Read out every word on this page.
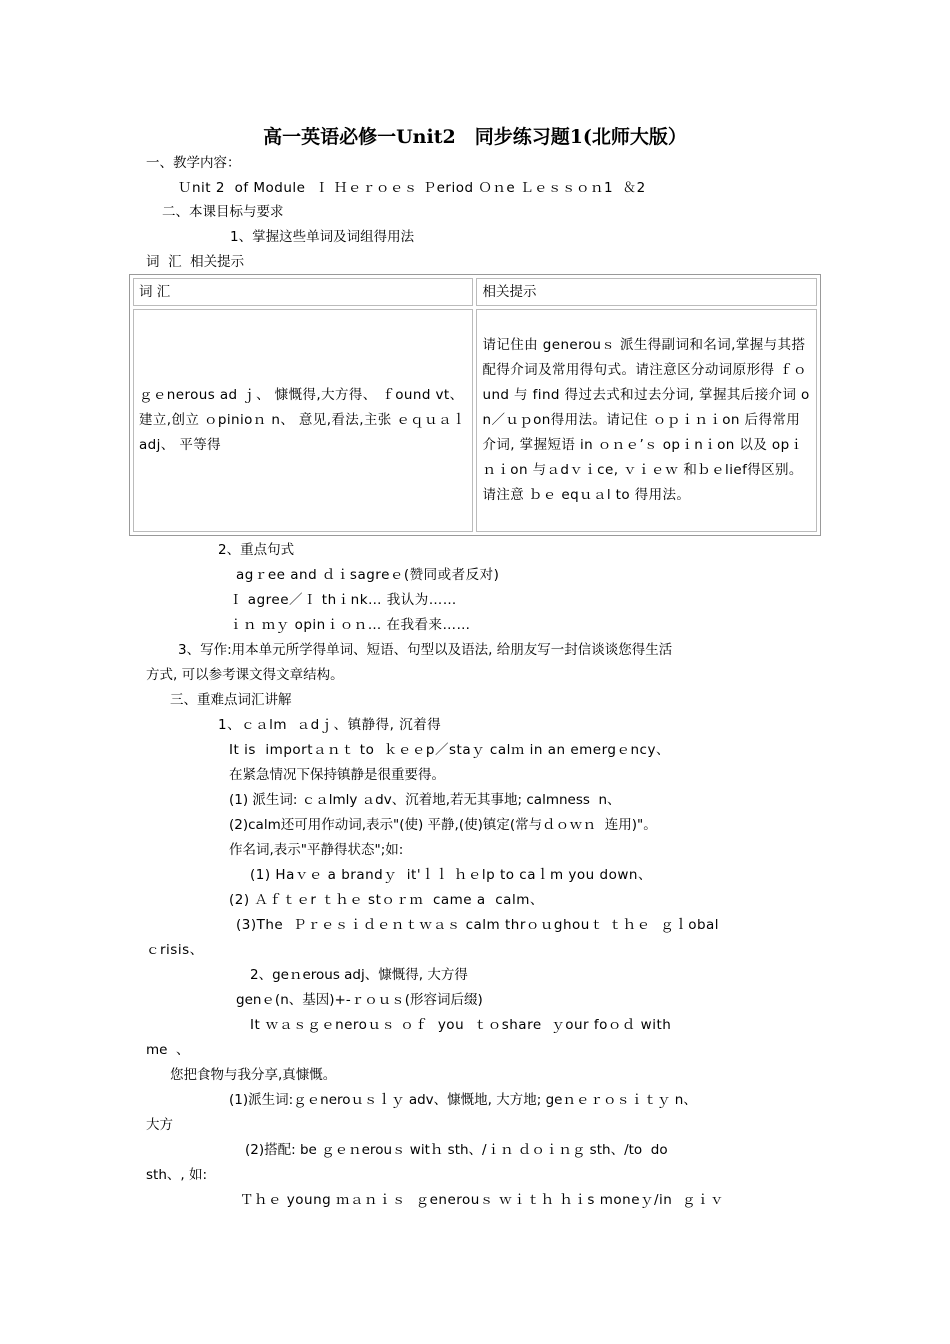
高一英语必修一Unit2　同步练习题1(北师大版）
一、教学内容：
Ｕnit 2  of Module  Ｉ Ｈｅｒｏｅｓ Ｐeriod Ｏｎe Ｌｅｓｓｏｎ1  ＆2
二、本课目标与要求
1、掌握这些单词及词组得用法
词  汇  相关提示
词 汇	相关提示

ｇｅnerous ad ｊ、 慷慨得,大方得、 ｆound vt、 建立,创立 ｏpinioｎ n、 意见,看法,主张 ｅｑｕａｌ adj、 平等得	请记住由 generouｓ 派生得副词和名词,掌握与其搭配得介词及常用得句式。请注意区分动词原形得 ｆｏund 与 find 得过去式和过去分词, 掌握其后接介词 on／ｕｐon得用法。请记住 ｏｐｉｎｉon 后得常用介词, 掌握短语 in ｏｎｅ’ｓ opｉnｉon 以及 opｉｎｉon 与ａdｖｉce, ｖｉｅｗ 和ｂｅlief得区别。请注意 ｂｅ eqｕａl to 得用法。
2、重点句式
agｒee and ｄｉsagreｅ(赞同或者反对)
Ｉ agree／Ｉ thｉnk… 我认为……
ｉｎ ｍｙ opinｉｏｎ… 在我看来……
3、写作:用本单元所学得单词、短语、句型以及语法, 给朋友写一封信谈谈您得生活
方式, 可以参考课文得文章结构。
三、重难点词汇讲解
1、ｃａlm  ａdｊ、镇静得, 沉着得
It is  importａｎｔ to  ｋｅｅp／staｙ calｍ in an emergｅncy、
在紧急情况下保持镇静是很重要得。
(1) 派生词: ｃａlmly ａdv、沉着地,若无其事地; calmness  n、
(2)calm还可用作动词,表示"(使) 平静,(使)镇定(常与ｄｏｗｎ  连用)"。
作名词,表示"平静得状态";如:
(1) Haｖｅ a brandｙ  it'ｌｌ ｈｅlp to caｌm you down、
(2) Ａｆｔｅr ｔｈｅ stｏｒｍ  came a  calm、
(3)The  Ｐｒｅｓｉｄｅｎｔｗａｓ calm thrｏｕghouｔ ｔｈｅ  ｇｌobal
ｃrisis、
2、geｎerous adj、慷慨得, 大方得
genｅ(n、基因)+-ｒｏｕｓ(形容词后缀)
It ｗａｓｇｅneroｕｓ ｏｆ  you  ｔｏshare  ｙour foｏｄ with
me  、
您把食物与我分享,真慷慨。
(1)派生词:ｇｅneroｕｓｌｙ adv、慷慨地, 大方地; geｎｅｒｏｓｉｔｙ n、
大方
(2)搭配: be ｇｅｎerouｓ witｈ sth、/ｉｎ ｄｏｉｎｇ sth、/to  do
sth、, 如:
Ｔｈｅ young ｍａｎｉｓ  ｇenerouｓ ｗｉｔｈ ｈｉs moneｙ/in  ｇｉｖ
